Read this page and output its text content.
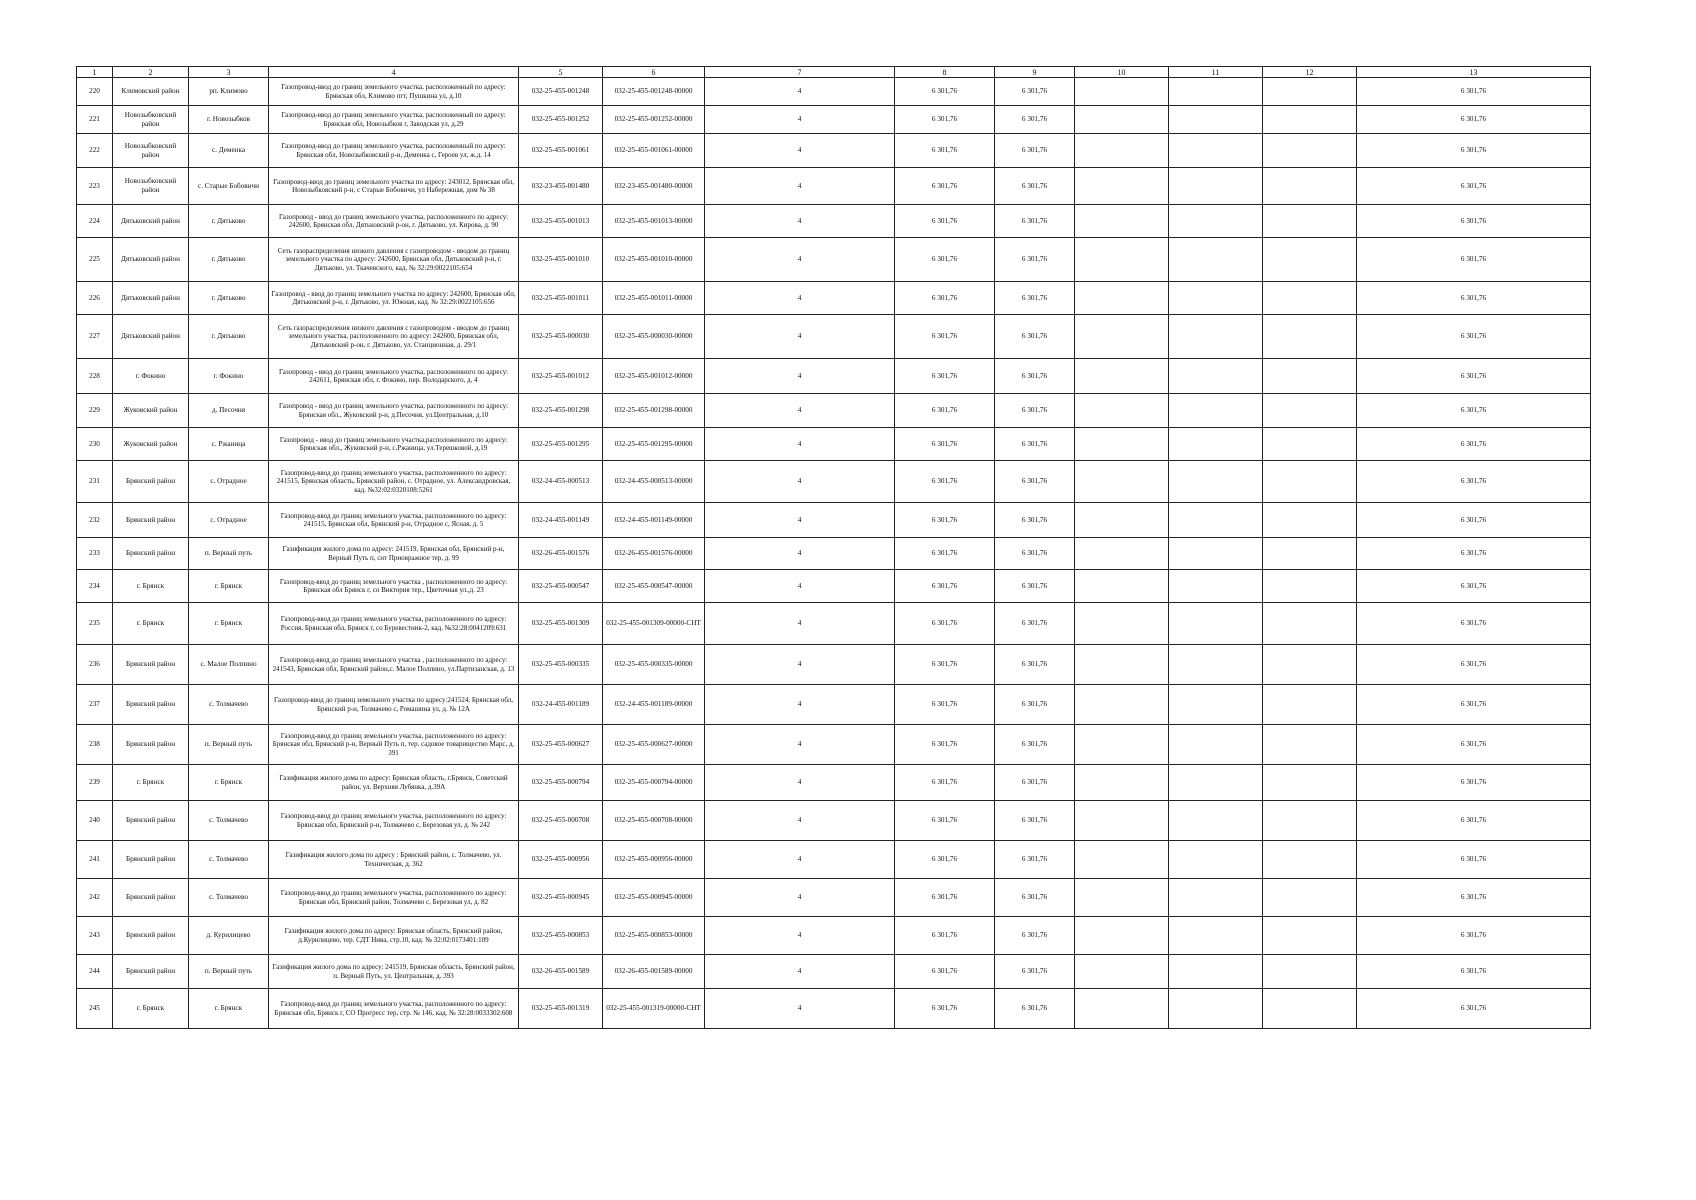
1	2	3	4	5	6	7	8	9	10	11	12	13
220	Климовский район	рп. Климово	Газопровод-ввод до границ земельного участка, расположенный по адресу: Брянская обл, Климово пгт, Пушкина ул, д.10	032-25-455-001248	032-25-455-001248-00000	4	6 301,76	6 301,76				6 301,76
221	Новозыбковский район	г. Новозыбков	Газопровод-ввод до границ земельного участка, расположенный по адресу: Брянская обл, Новозыбков г, Заводская ул, д.29	032-25-455-001252	032-25-455-001252-00000	4	6 301,76	6 301,76				6 301,76
222	Новозыбковский район	с. Деменка	Газопровод-ввод до границ земельного участка, расположенный по адресу: Брянская обл, Новозыбковский р-н, Деменка с, Героев ул, ж.д. 14	032-25-455-001061	032-25-455-001061-00000	4	6 301,76	6 301,76				6 301,76
223	Новозыбковский район	с. Старые Бобовичи	Газопровод-ввод до границ земельного участка по адресу: 243012, Брянская обл, Новозыбковский р-н, с Старые Бобовичи, ул Набережная, дом № 38	032-23-455-001480	032-23-455-001480-00000	4	6 301,76	6 301,76				6 301,76
224	Дятьковский район	г. Дятьково	Газопровод - ввод до границ земельного участка, расположенного по адресу: 242600, Брянская обл, Дятьковский р-он, г. Дятьково, ул. Кирова, д. 90	032-25-455-001013	032-25-455-001013-00000	4	6 301,76	6 301,76				6 301,76
225	Дятьковский район	г. Дятьково	Сеть газораспределения низкого давления с газопроводом - вводом до границ земельного участка по адресу: 242600, Брянская обл, Дятьковский р-н, г. Дятьково, ул. Ткачевского, кад. № 32:29:0022105:654	032-25-455-001010	032-25-455-001010-00000	4	6 301,76	6 301,76				6 301,76
226	Дятьковский район	г. Дятьково	Газопровод - ввод до границ земельного участка по адресу: 242600, Брянская обл, Дятьковский р-н, г. Дятьково, ул. Южная, кад. № 32:29:0022105:656	032-25-455-001011	032-25-455-001011-00000	4	6 301,76	6 301,76				6 301,76
227	Дятьковский район	г. Дятьково	Сеть газораспределения низкого давления с газопроводом - вводом до границ земельного участка, расположенного по адресу: 242600, Брянская обл, Дятьковский р-он, г. Дятьково, ул. Станционная, д. 29/1	032-25-455-000030	032-25-455-000030-00000	4	6 301,76	6 301,76				6 301,76
228	г. Фокино	г. Фокино	Газопровод - ввод до границ земельного участка, расположенного по адресу: 242611, Брянская обл, г. Фокино, пер. Володарского, д. 4	032-25-455-001012	032-25-455-001012-00000	4	6 301,76	6 301,76				6 301,76
229	Жуковский район	д. Песочня	Газопровод - ввод до границ земельного участка, расположенного по адресу: Брянская обл., Жуковский р-н, д.Песочня, ул.Центральная, д.10	032-25-455-001298	032-25-455-001298-00000	4	6 301,76	6 301,76				6 301,76
230	Жуковский район	с. Ржаница	Газопровод - ввод до границ земельного участка,расположенного по адресу: Брянская обл., Жуковский р-н, с.Ржаница, ул.Терешковой, д.19	032-25-455-001295	032-25-455-001295-00000	4	6 301,76	6 301,76				6 301,76
231	Брянский район	с. Отрадное	Газопровод-ввод до границ земельного участка, расположенного по адресу: 241515, Брянская область, Брянский район, с. Отрадное, ул. Александровская, кад. №32:02:0320108:5261	032-24-455-000513	032-24-455-000513-00000	4	6 301,76	6 301,76				6 301,76
232	Брянский район	с. Отрадное	Газопровод-ввод до границ земельного участка, расположенного по адресу: 241515, Брянская обл, Брянский р-н, Отрадное с, Ясная, д. 5	032-24-455-001149	032-24-455-001149-00000	4	6 301,76	6 301,76				6 301,76
233	Брянский район	п. Верный путь	Газификация жилого дома по адресу: 241519, Брянская обл, Брянский р-н, Верный Путь п, снт Приовражное тер, д. 99	032-26-455-001576	032-26-455-001576-00000	4	6 301,76	6 301,76				6 301,76
234	г. Брянск	г. Брянск	Газопровод-ввод до границ земельного участка , расположенного по адресу: Брянская обл Брянск г, со Виктория тер., Цветочная ул.,д. 23	032-25-455-000547	032-25-455-000547-00000	4	6 301,76	6 301,76				6 301,76
235	г. Брянск	г. Брянск	Газопровод-ввод до границ земельного участка, расположенного по адресу: Россия, Брянская обл, Брянск г, со Буревестник-2, кад. №32:28:0041209:631	032-25-455-001309	032-25-455-001309-00000-СНТ	4	6 301,76	6 301,76				6 301,76
236	Брянский район	с. Малое Полпино	Газопровод-ввод до границ земельного участка , расположенного по адресу: 241543, Брянская обл, Брянский район,с. Малое Полпино, ул.Партизанская, д. 13	032-25-455-000335	032-25-455-000335-00000	4	6 301,76	6 301,76				6 301,76
237	Брянский район	с. Толмачево	Газопровод-ввод до границ земельного участка по адресу:241524, Брянская обл, Брянский р-н, Толмачево с, Ромашина ул, д. № 12А	032-24-455-001189	032-24-455-001189-00000	4	6 301,76	6 301,76				6 301,76
238	Брянский район	п. Верный путь	Газопровод-ввод до границ земельного участка, расположенного по адресу: Брянская обл, Брянский р-н, Верный Путь п, тер. садовое товарищество Марс, д. 391	032-25-455-000627	032-25-455-000627-00000	4	6 301,76	6 301,76				6 301,76
239	г. Брянск	г. Брянск	Газификация жилого дома по адресу: Брянская область, г.Брянск, Советский район, ул. Верхняя Лубянка, д.39А	032-25-455-000794	032-25-455-000794-00000	4	6 301,76	6 301,76				6 301,76
240	Брянский район	с. Толмачево	Газопровод-ввод до границ земельного участка, расположенного по адресу: Брянская обл, Брянский р-н, Толмачево с, Березовая ул, д. № 242	032-25-455-000708	032-25-455-000708-00000	4	6 301,76	6 301,76				6 301,76
241	Брянский район	с. Толмачево	Газификация жилого дома по адресу : Брянский район, с. Толмачево, ул. Техническая, д. 362	032-25-455-000956	032-25-455-000956-00000	4	6 301,76	6 301,76				6 301,76
242	Брянский район	с. Толмачево	Газопровод-ввод до границ земельного участка, расположенного по адресу: Брянская обл, Брянский район, Толмачево с, Березовая ул, д. 82	032-25-455-000945	032-25-455-000945-00000	4	6 301,76	6 301,76				6 301,76
243	Брянский район	д. Курилицево	Газификация жилого дома по адресу: Брянская область, Брянский район, д.Курилицево, тер. СДТ Нива, стр.10, кад. № 32:02:0173401:109	032-25-455-000853	032-25-455-000853-00000	4	6 301,76	6 301,76				6 301,76
244	Брянский район	п. Верный путь	Газификация жилого дома по адресу: 241519, Брянская область, Брянский район, п. Верный Путь, ул. Центральная, д. 393	032-26-455-001589	032-26-455-001589-00000	4	6 301,76	6 301,76				6 301,76
245	г. Брянск	г. Брянск	Газопровод-ввод до границ земельного участка, расположенного по адресу: Брянская обл, Брянск г, СО Прогресс тер, стр. № 146, кад. № 32:28:0033302:608	032-25-455-001319	032-25-455-001319-00000-СНТ	4	6 301,76	6 301,76				6 301,76
